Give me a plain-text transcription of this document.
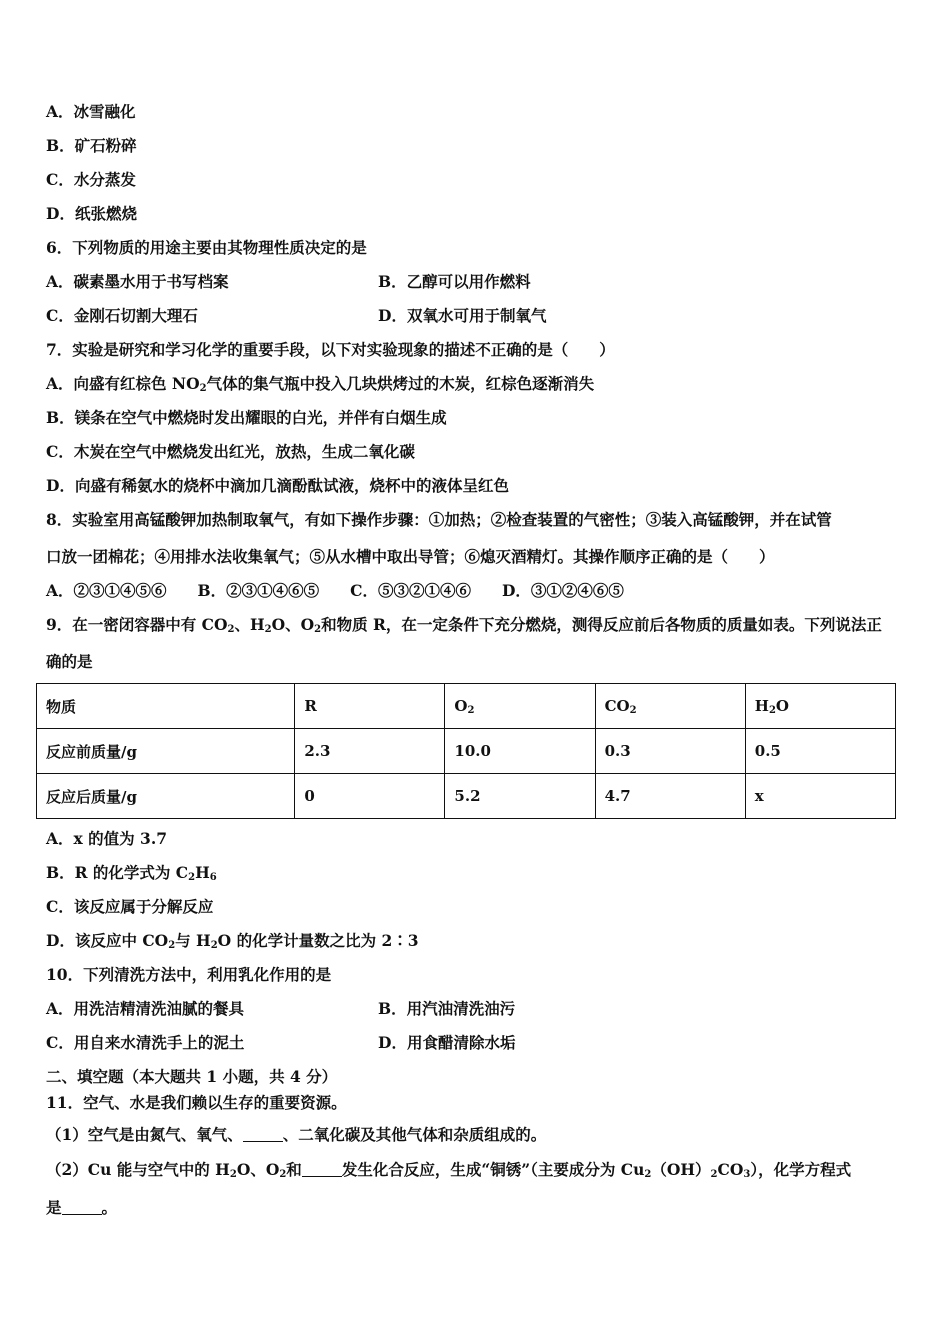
A．冰雪融化
B．矿石粉碎
C．水分蒸发
D．纸张燃烧
6．下列物质的用途主要由其物理性质决定的是
A．碳素墨水用于书写档案	B．乙醇可以用作燃料
C．金刚石切割大理石	D．双氧水可用于制氧气
7．实验是研究和学习化学的重要手段，以下对实验现象的描述不正确的是（　　）
A．向盛有红棕色 NO2气体的集气瓶中投入几块烘烤过的木炭，红棕色逐渐消失
B．镁条在空气中燃烧时发出耀眼的白光，并伴有白烟生成
C．木炭在空气中燃烧发出红光，放热，生成二氧化碳
D．向盛有稀氨水的烧杯中滴加几滴酚酞试液，烧杯中的液体呈红色
8．实验室用高锰酸钾加热制取氧气，有如下操作步骤：①加热；②检查装置的气密性；③装入高锰酸钾，并在试管
口放一团棉花；④用排水法收集氧气；⑤从水槽中取出导管；⑥熄灭酒精灯。其操作顺序正确的是（　　）
A．②③①④⑤⑥　　B．②③①④⑥⑤　　C．⑤③②①④⑥　　D．③①②④⑥⑤
9．在一密闭容器中有 CO2、H2O、O2和物质 R，在一定条件下充分燃烧，测得反应前后各物质的质量如表。下列说法正
确的是
物质	R	O2	CO2	H2O
反应前质量/g	2.3	10.0	0.3	0.5
反应后质量/g	0	5.2	4.7	x
A．x 的值为 3.7
B．R 的化学式为 C2H6
C．该反应属于分解反应
D．该反应中 CO2与 H2O 的化学计量数之比为 2∶3
10．下列清洗方法中，利用乳化作用的是
A．用洗洁精清洗油腻的餐具	B．用汽油清洗油污
C．用自来水清洗手上的泥土	D．用食醋清除水垢
二、填空题（本大题共 1 小题，共 4 分）
11．空气、水是我们赖以生存的重要资源。
（1）空气是由氮气、氧气、	、二氧化碳及其他气体和杂质组成的。
（2）Cu 能与空气中的 H2O、O2和	发生化合反应，生成“铜锈”（主要成分为 Cu2（OH）2CO3），化学方程式
是	。
